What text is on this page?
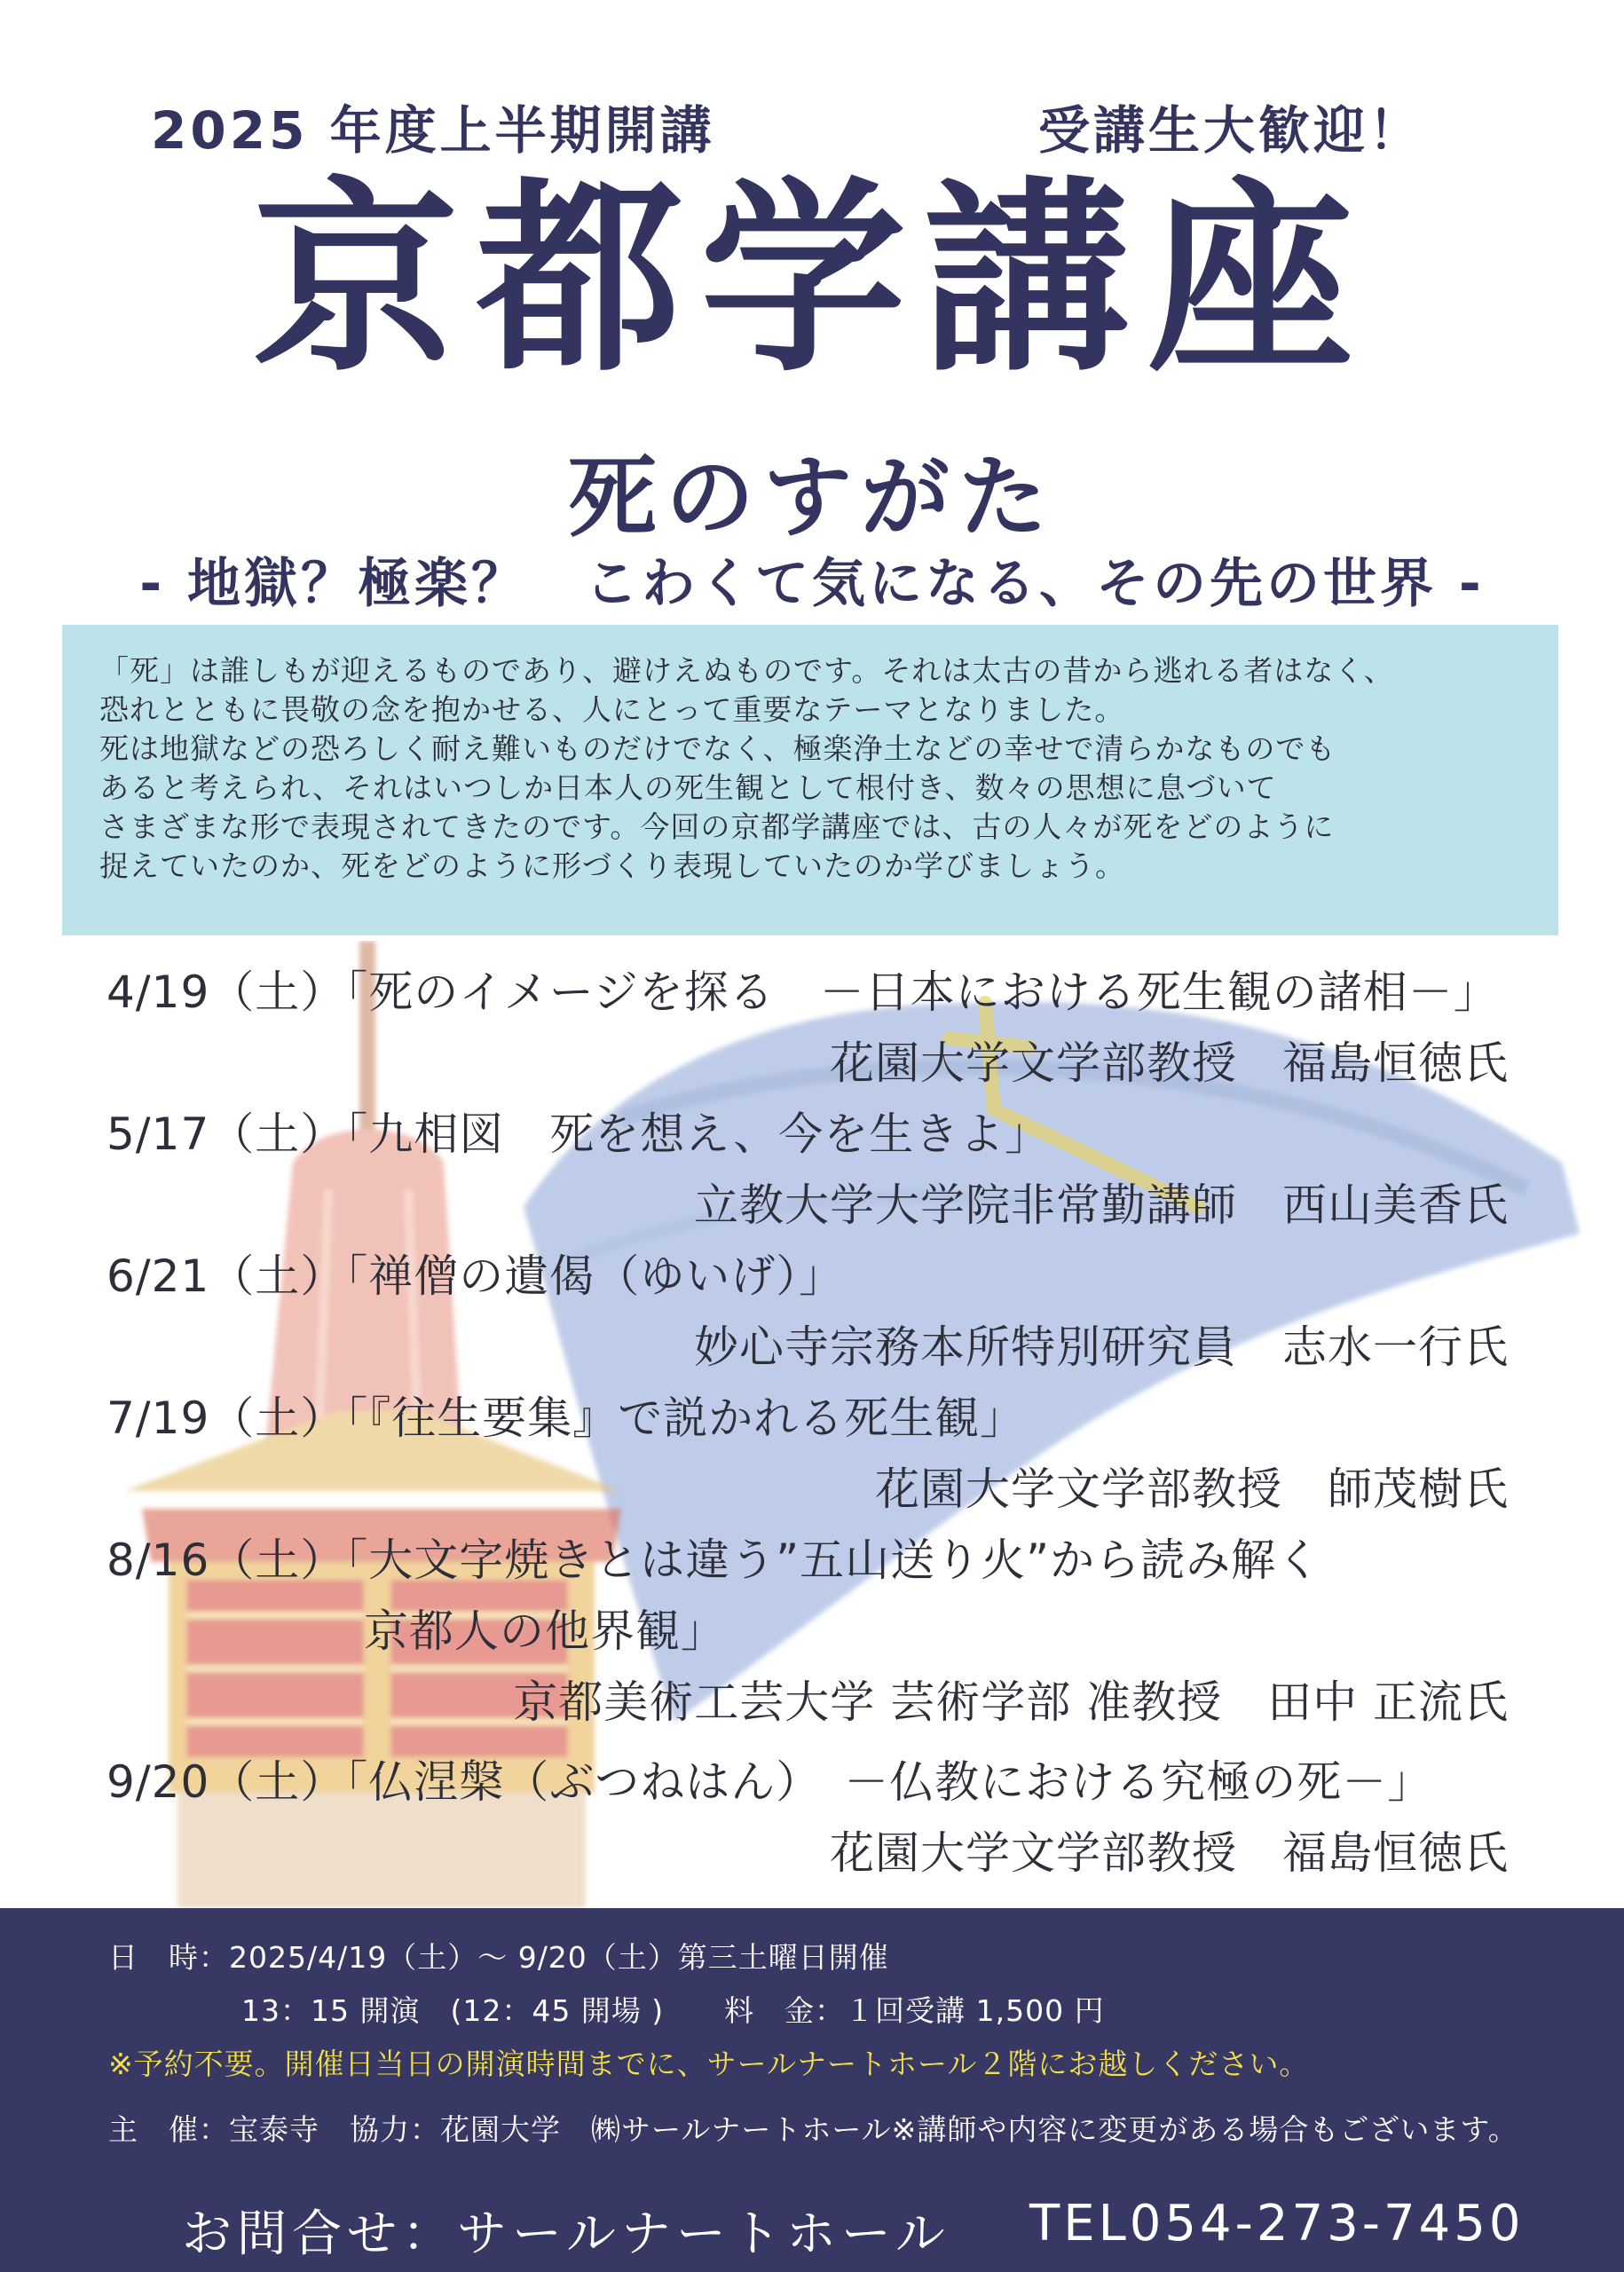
2025 年度上半期開講	受講生大歓迎！
京都学講座
死のすがた
- 地獄？極楽？　こわくて気になる、その先の世界 -

「死」は誰しもが迎えるものであり、避けえぬものです。それは太古の昔から逃れる者はなく、

恐れとともに畏敬の念を抱かせる、人にとって重要なテーマとなりました。

死は地獄などの恐ろしく耐え難いものだけでなく、極楽浄土などの幸せで清らかなものでも

あると考えられ、それはいつしか日本人の死生観として根付き、数々の思想に息づいて

さまざまな形で表現されてきたのです。今回の京都学講座では、古の人々が死をどのように

捉えていたのか、死をどのように形づくり表現していたのか学びましょう。

4/19（土）「死のイメージを探る　－日本における死生観の諸相－」
花園大学文学部教授　福島恒徳氏
5/17（土）「九相図　死を想え、今を生きよ」
立教大学大学院非常勤講師　西山美香氏
6/21（土）「禅僧の遺偈（ゆいげ）」
妙心寺宗務本所特別研究員　志水一行氏
7/19（土）「『往生要集』で説かれる死生観」
花園大学文学部教授　師茂樹氏
8/16（土）「大文字焼きとは違う”五山送り火”から読み解く
京都人の他界観」
京都美術工芸大学 芸術学部 准教授　田中 正流氏
9/20（土）「仏涅槃（ぶつねはん）　－仏教における究極の死－」
花園大学文学部教授　福島恒徳氏
日　時：2025/4/19（土）～ 9/20（土）第三土曜日開催
13：15 開演　(12：45 開場 )　　料　金：１回受講 1,500 円
※予約不要。開催日当日の開演時間までに、サールナートホール２階にお越しください。
主　催：宝泰寺　協力：花園大学　㈱サールナートホール※講師や内容に変更がある場合もございます。
お問合せ：サールナートホール TEL054-273-7450
